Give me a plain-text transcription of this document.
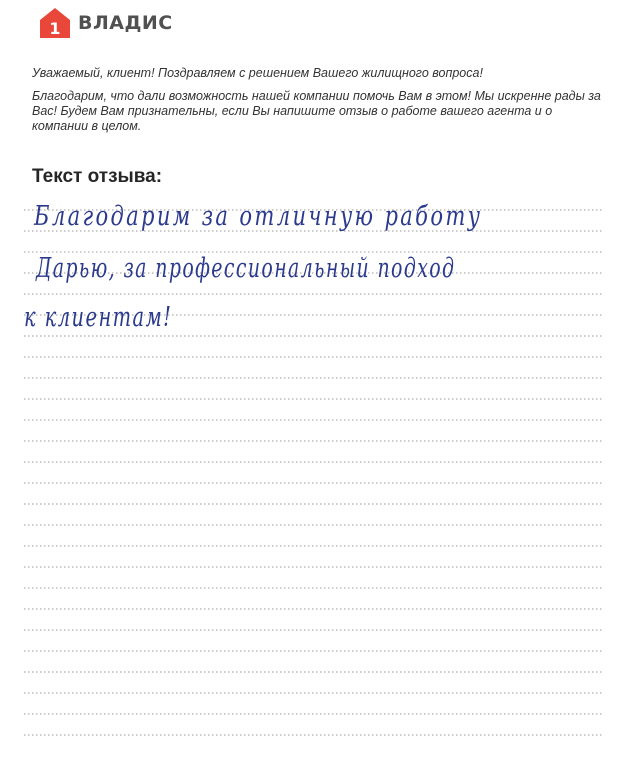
1 ВЛАДИС

Уважаемый, клиент! Поздравляем с решением Вашего жилищного вопроса!

Благодарим, что дали возможность нашей компании помочь Вам в этом! Мы искренне рады за Вас! Будем Вам признательны, если Вы напишите отзыв о работе вашего агента и о компании в целом.

Текст отзыва:
Благодарим за отличную работу
Дарью, за профессиональный подход
к клиентам!
